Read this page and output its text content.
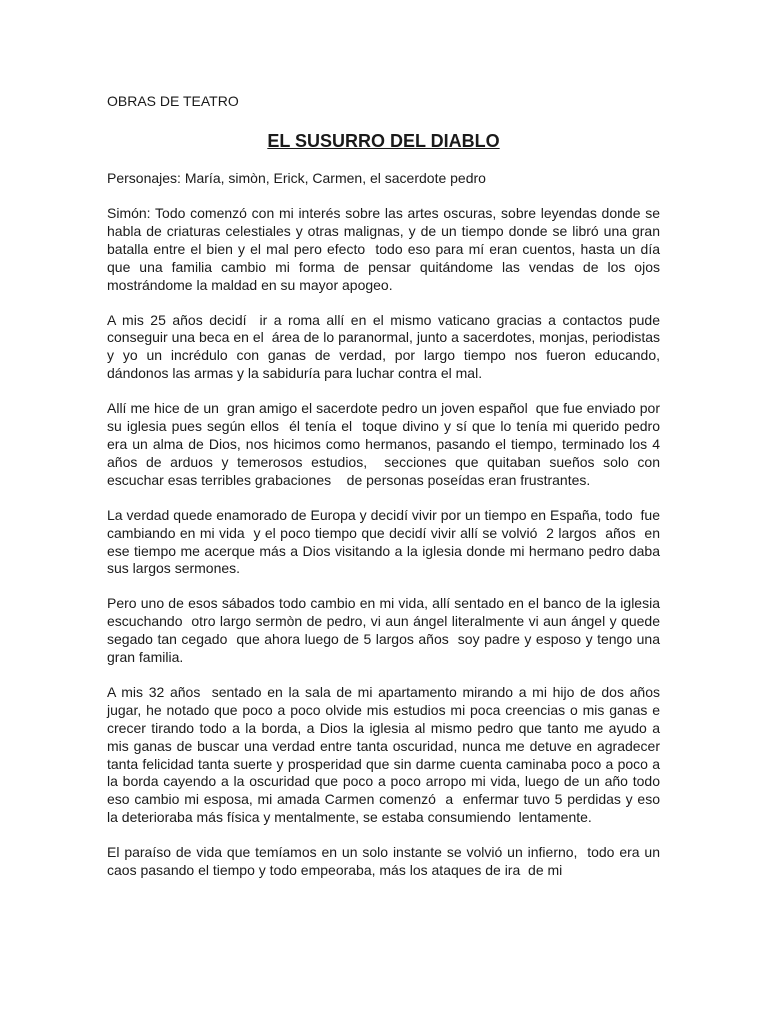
OBRAS DE TEATRO

EL SUSURRO DEL DIABLO

Personajes: María, simòn, Erick, Carmen, el sacerdote pedro

Simón: Todo comenzó con mi interés sobre las artes oscuras, sobre leyendas donde se habla de criaturas celestiales y otras malignas, y de un tiempo donde se libró una gran batalla entre el bien y el mal pero efecto  todo eso para mí eran cuentos, hasta un día que una familia cambio mi forma de pensar quitándome las vendas de los ojos mostrándome la maldad en su mayor apogeo.

A mis 25 años decidí  ir a roma allí en el mismo vaticano gracias a contactos pude conseguir una beca en el  área de lo paranormal, junto a sacerdotes, monjas, periodistas y yo un incrédulo con ganas de verdad, por largo tiempo nos fueron educando, dándonos las armas y la sabiduría para luchar contra el mal.

Allí me hice de un  gran amigo el sacerdote pedro un joven español  que fue enviado por su iglesia pues según ellos  él tenía el  toque divino y sí que lo tenía mi querido pedro era un alma de Dios, nos hicimos como hermanos, pasando el tiempo, terminado los 4 años de arduos y temerosos estudios,  secciones que quitaban sueños solo con escuchar esas terribles grabaciones    de personas poseídas eran frustrantes.

La verdad quede enamorado de Europa y decidí vivir por un tiempo en España, todo  fue cambiando en mi vida  y el poco tiempo que decidí vivir allí se volvió  2 largos  años  en ese tiempo me acerque más a Dios visitando a la iglesia donde mi hermano pedro daba sus largos sermones.

Pero uno de esos sábados todo cambio en mi vida, allí sentado en el banco de la iglesia escuchando  otro largo sermòn de pedro, vi aun ángel literalmente vi aun ángel y quede segado tan cegado  que ahora luego de 5 largos años  soy padre y esposo y tengo una gran familia.

A mis 32 años  sentado en la sala de mi apartamento mirando a mi hijo de dos años jugar, he notado que poco a poco olvide mis estudios mi poca creencias o mis ganas e crecer tirando todo a la borda, a Dios la iglesia al mismo pedro que tanto me ayudo a mis ganas de buscar una verdad entre tanta oscuridad, nunca me detuve en agradecer tanta felicidad tanta suerte y prosperidad que sin darme cuenta caminaba poco a poco a la borda cayendo a la oscuridad que poco a poco arropo mi vida, luego de un año todo eso cambio mi esposa, mi amada Carmen comenzó  a  enfermar tuvo 5 perdidas y eso la deterioraba más física y mentalmente, se estaba consumiendo  lentamente.

El paraíso de vida que temíamos en un solo instante se volvió un infierno,  todo era un caos pasando el tiempo y todo empeoraba, más los ataques de ira  de mi
